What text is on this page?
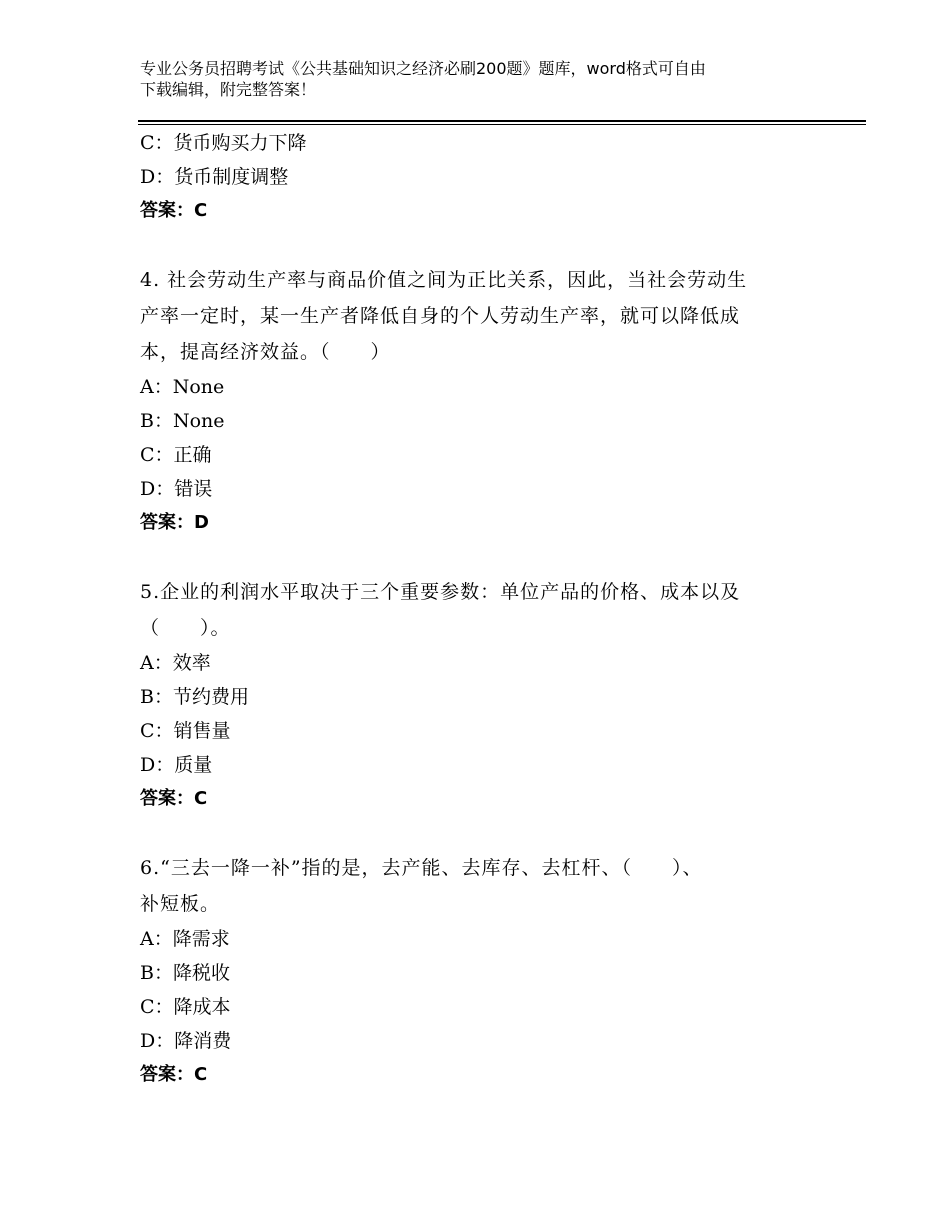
专业公务员招聘考试《公共基础知识之经济必刷200题》题库，word格式可自由
下载编辑，附完整答案！
C：货币购买力下降
D：货币制度调整
答案：C
4. 社会劳动生产率与商品价值之间为正比关系，因此，当社会劳动生
产率一定时，某一生产者降低自身的个人劳动生产率，就可以降低成
本，提高经济效益。（　　）
A：None
B：None
C：正确
D：错误
答案：D
5.企业的利润水平取决于三个重要参数：单位产品的价格、成本以及
（　　）。
A：效率
B：节约费用
C：销售量
D：质量
答案：C
6.“三去一降一补”指的是，去产能、去库存、去杠杆、（　　）、
补短板。
A：降需求
B：降税收
C：降成本
D：降消费
答案：C
